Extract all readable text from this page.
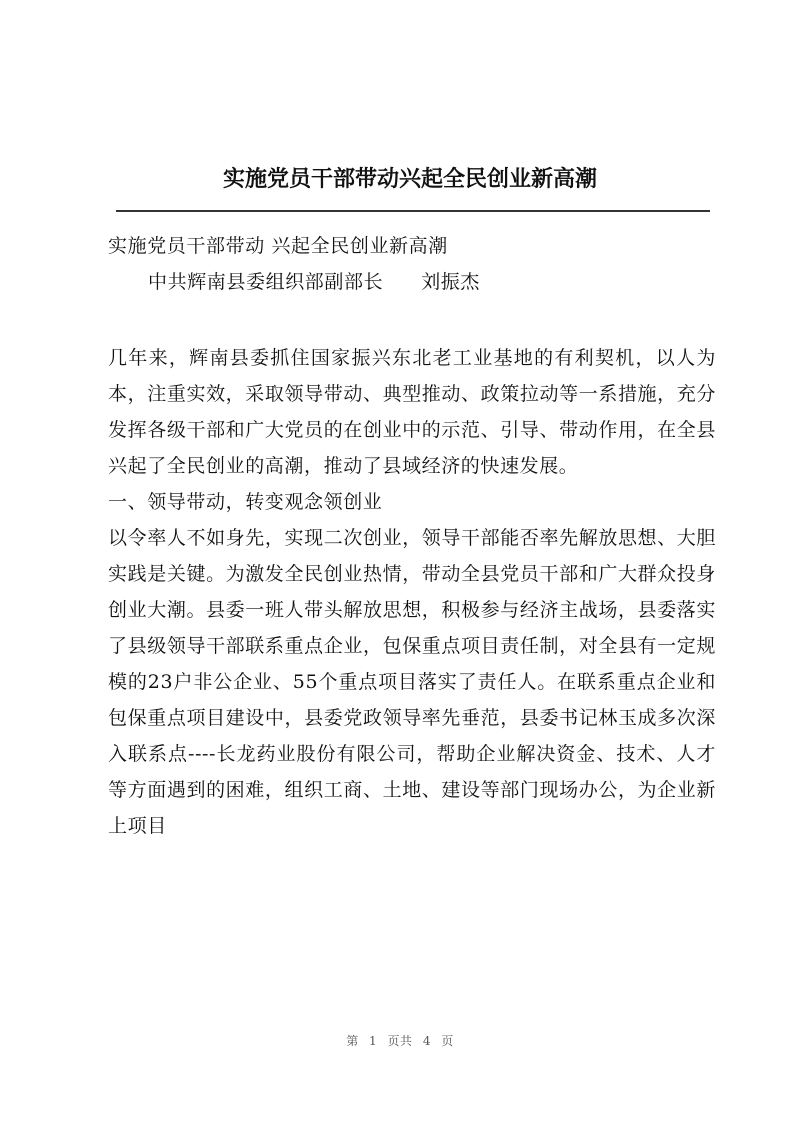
实施党员干部带动兴起全民创业新高潮

实施党员干部带动 兴起全民创业新高潮

中共辉南县委组织部副部长 刘振杰

几年来，辉南县委抓住国家振兴东北老工业基地的有利契机，以人为本，注重实效，采取领导带动、典型推动、政策拉动等一系措施，充分发挥各级干部和广大党员的在创业中的示范、引导、带动作用，在全县兴起了全民创业的高潮，推动了县域经济的快速发展。

一、领导带动，转变观念领创业

以令率人不如身先，实现二次创业，领导干部能否率先解放思想、大胆实践是关键。为激发全民创业热情，带动全县党员干部和广大群众投身创业大潮。县委一班人带头解放思想，积极参与经济主战场，县委落实了县级领导干部联系重点企业，包保重点项目责任制，对全县有一定规模的23户非公企业、55个重点项目落实了责任人。在联系重点企业和包保重点项目建设中，县委党政领导率先垂范，县委书记林玉成多次深入联系点----长龙药业股份有限公司，帮助企业解决资金、技术、人才等方面遇到的困难，组织工商、土地、建设等部门现场办公，为企业新上项目

第 1 页共 4 页
